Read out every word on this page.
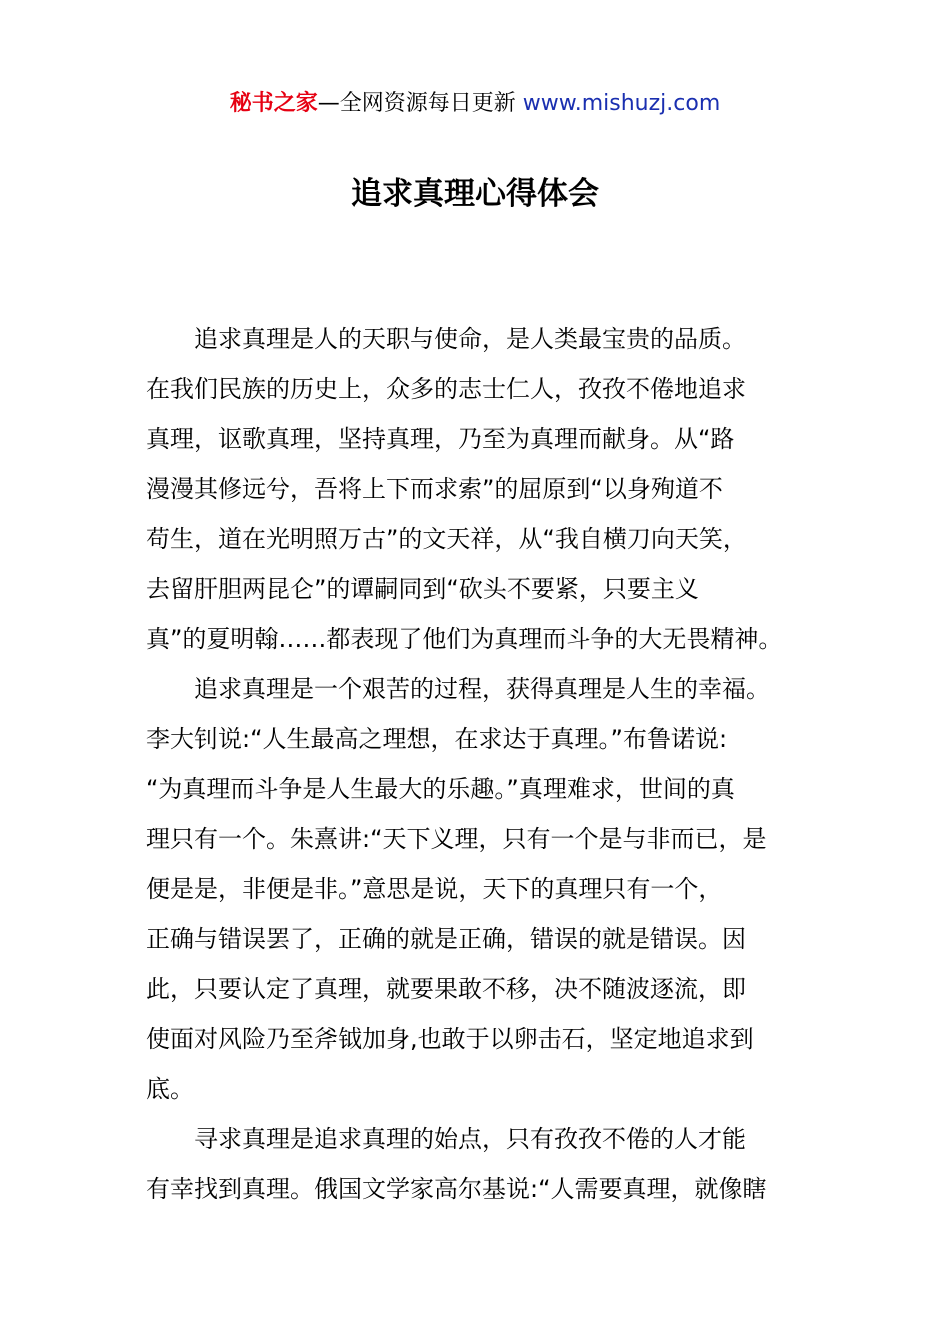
秘书之家—全网资源每日更新 www.mishuzj.com
追求真理心得体会
追求真理是人的天职与使命，是人类最宝贵的品质。
在我们民族的历史上，众多的志士仁人，孜孜不倦地追求
真理，讴歌真理，坚持真理，乃至为真理而献身。从“路
漫漫其修远兮，吾将上下而求索”的屈原到“以身殉道不
苟生，道在光明照万古”的文天祥，从“我自横刀向天笑，
去留肝胆两昆仑”的谭嗣同到“砍头不要紧，只要主义
真”的夏明翰……都表现了他们为真理而斗争的大无畏精神。
追求真理是一个艰苦的过程，获得真理是人生的幸福。
李大钊说:“人生最高之理想，在求达于真理。”布鲁诺说:
“为真理而斗争是人生最大的乐趣。”真理难求，世间的真
理只有一个。朱熹讲:“天下义理，只有一个是与非而已，是
便是是，非便是非。”意思是说，天下的真理只有一个，
正确与错误罢了，正确的就是正确，错误的就是错误。因
此，只要认定了真理，就要果敢不移，决不随波逐流，即
使面对风险乃至斧钺加身,也敢于以卵击石，坚定地追求到
底。
寻求真理是追求真理的始点，只有孜孜不倦的人才能
有幸找到真理。俄国文学家高尔基说:“人需要真理，就像瞎
